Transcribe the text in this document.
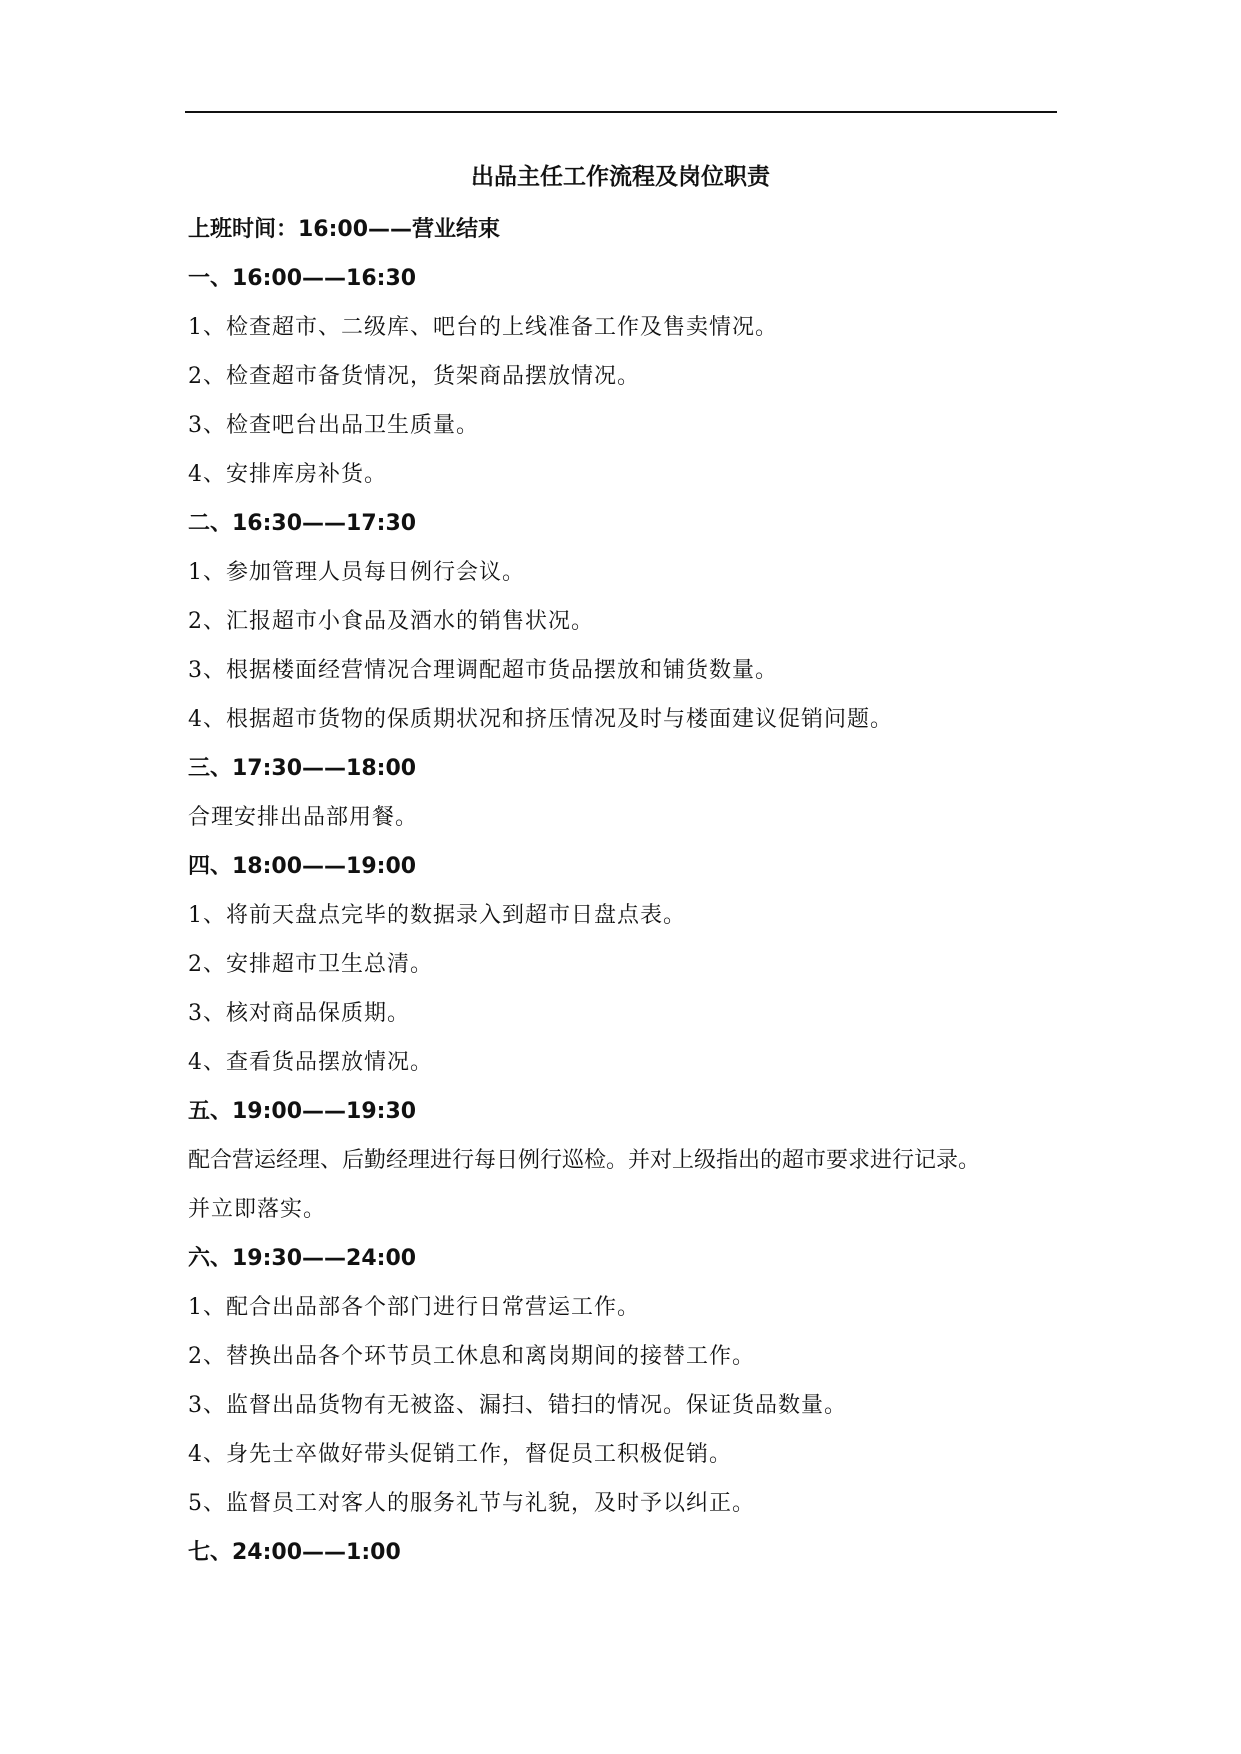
出品主任工作流程及岗位职责
上班时间：16:00——营业结束
一、16:00——16:30
1、检查超市、二级库、吧台的上线准备工作及售卖情况。
2、检查超市备货情况，货架商品摆放情况。
3、检查吧台出品卫生质量。
4、安排库房补货。
二、16:30——17:30
1、参加管理人员每日例行会议。
2、汇报超市小食品及酒水的销售状况。
3、根据楼面经营情况合理调配超市货品摆放和铺货数量。
4、根据超市货物的保质期状况和挤压情况及时与楼面建议促销问题。
三、17:30——18:00
合理安排出品部用餐。
四、18:00——19:00
1、将前天盘点完毕的数据录入到超市日盘点表。
2、安排超市卫生总清。
3、核对商品保质期。
4、查看货品摆放情况。
五、19:00——19:30
配合营运经理、后勤经理进行每日例行巡检。并对上级指出的超市要求进行记录。
并立即落实。
六、19:30——24:00
1、配合出品部各个部门进行日常营运工作。
2、替换出品各个环节员工休息和离岗期间的接替工作。
3、监督出品货物有无被盗、漏扫、错扫的情况。保证货品数量。
4、身先士卒做好带头促销工作，督促员工积极促销。
5、监督员工对客人的服务礼节与礼貌，及时予以纠正。
七、24:00——1:00
